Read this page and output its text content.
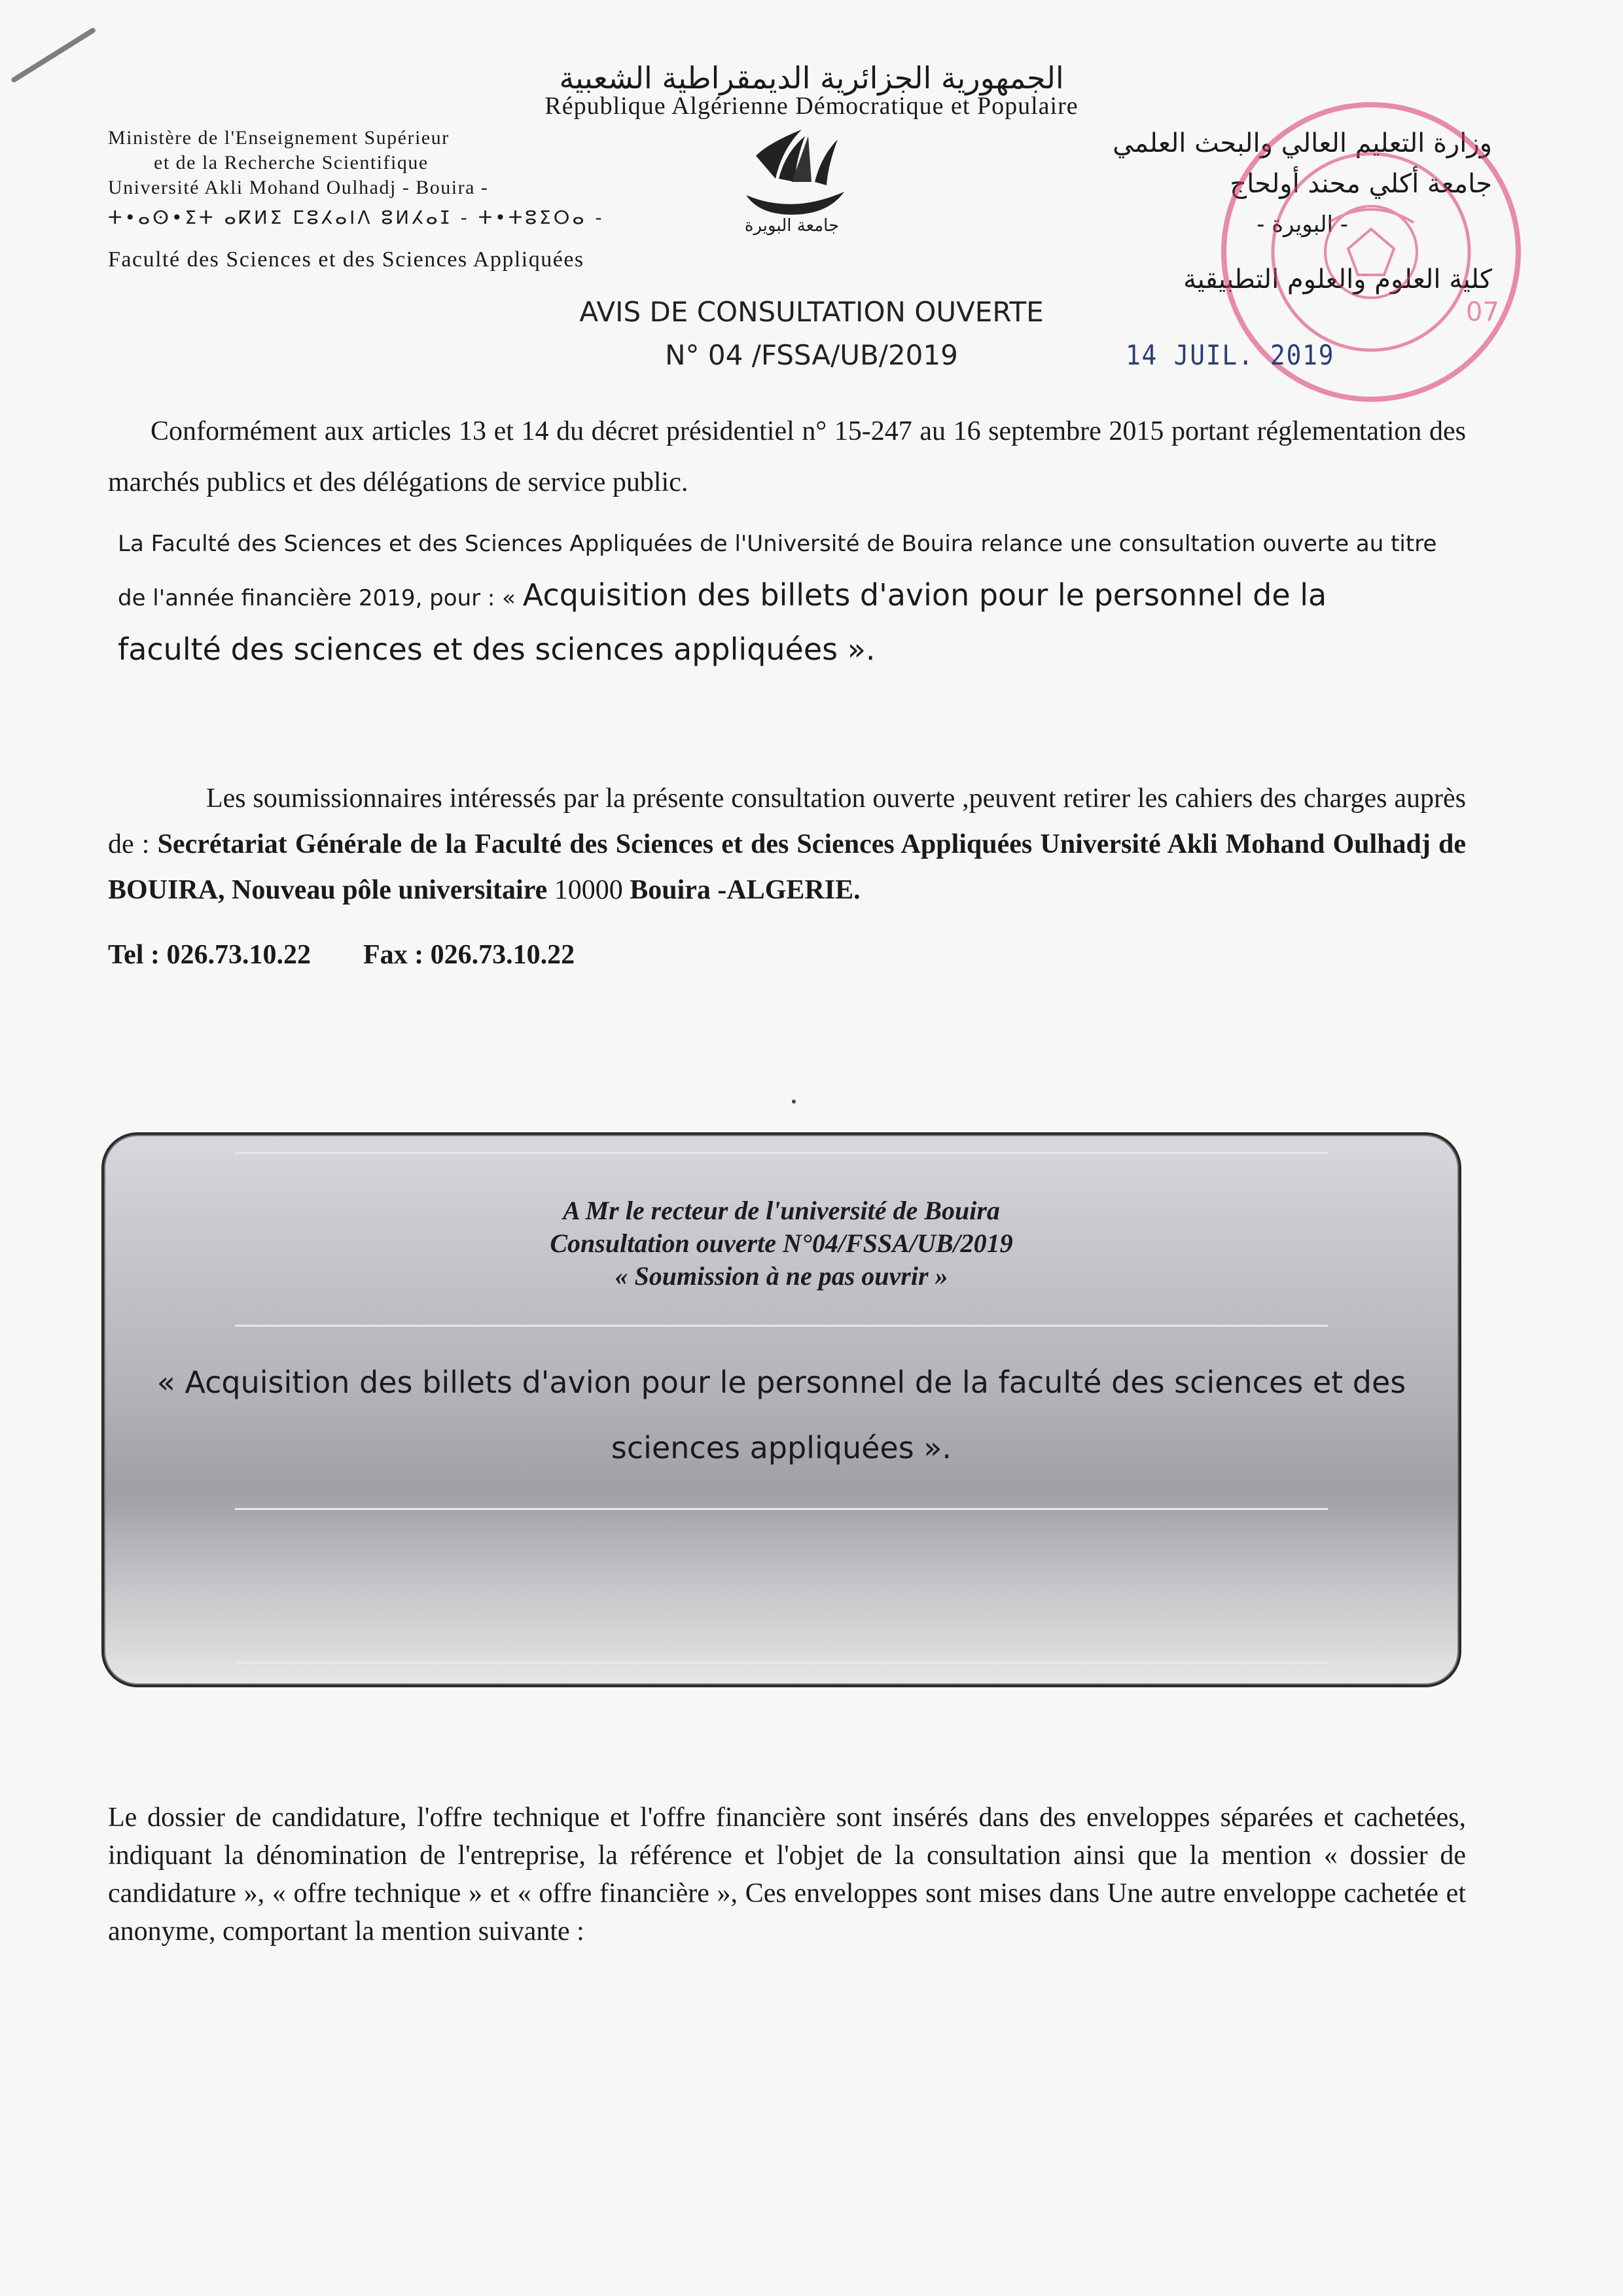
الجمهورية الجزائرية الديمقراطية الشعبية
République Algérienne Démocratique et Populaire
Ministère de l'Enseignement Supérieur
et de la Recherche Scientifique
Université Akli Mohand Oulhadj - Bouira -
ⵜ•ⴰⵙ•ⵉⵜ ⴰⴽⵍⵉ ⵎⵓⵃⴰⵏⴷ ⵓⵍⵃⴰⵊ - ⵜ•ⵜⵓⵉⵔⴰ -
Faculté des Sciences et des Sciences Appliquées
وزارة التعليم العالي والبحث العلمي
جامعة أكلي محند أولحاج
- البويرة -
كلية العلوم والعلوم التطبيقية
جامعة البويرة
07
AVIS DE CONSULTATION OUVERTE
N° 04 /FSSA/UB/2019	14 JUIL. 2019
Conformément aux articles 13 et 14 du décret présidentiel n° 15-247 au 16 septembre 2015 portant réglementation des marchés publics et des délégations de service public.
La Faculté des Sciences et des Sciences Appliquées de l'Université de Bouira relance une consultation ouverte au titre
de l'année financière 2019, pour : « Acquisition des billets d'avion pour le personnel de la
faculté des sciences et des sciences appliquées ».
Les soumissionnaires intéressés par la présente consultation ouverte ,peuvent retirer les cahiers des charges auprès de : Secrétariat Générale de la Faculté des Sciences et des Sciences Appliquées Université Akli Mohand Oulhadj de BOUIRA, Nouveau pôle universitaire 10000 Bouira -ALGERIE.
Tel : 026.73.10.22 Fax : 026.73.10.22
A Mr le recteur de l'université de Bouira
Consultation ouverte N°04/FSSA/UB/2019
« Soumission à ne pas ouvrir »
« Acquisition des billets d'avion pour le personnel de la faculté des sciences et des sciences appliquées ».
Le dossier de candidature, l'offre technique et l'offre financière sont insérés dans des enveloppes séparées et cachetées, indiquant la dénomination de l'entreprise, la référence et l'objet de la consultation ainsi que la mention « dossier de candidature », « offre technique » et « offre financière », Ces enveloppes sont mises dans Une autre enveloppe cachetée et anonyme, comportant la mention suivante :
